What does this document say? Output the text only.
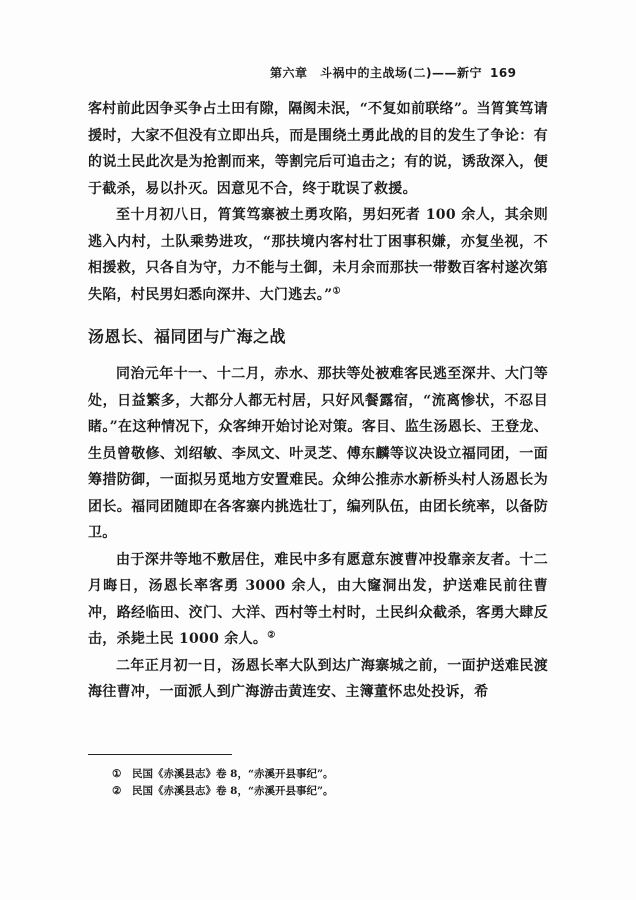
第六章　斗祸中的主战场(二)——新宁 169

客村前此因争买争占土田有隙，隔阂未泯，“不复如前联络”。当筲箕笃请援时，大家不但没有立即出兵，而是围绕土勇此战的目的发生了争论：有的说土民此次是为抢割而来，等割完后可追击之；有的说，诱敌深入，便于截杀，易以扑灭。因意见不合，终于耽误了救援。

至十月初八日，筲箕笃寨被土勇攻陷，男妇死者 100 余人，其余则逃入内村，土队乘势进攻，“那扶境内客村壮丁困事积嫌，亦复坐视，不相援救，只各自为守，力不能与土御，未月余而那扶一带数百客村遂次第失陷，村民男妇悉向深井、大门逃去。”①

汤恩长、福同团与广海之战

同治元年十一、十二月，赤水、那扶等处被难客民逃至深井、大门等处，日益繁多，大都分人都无村居，只好风餐露宿，“流离惨状，不忍目睹。”在这种情况下，众客绅开始讨论对策。客目、监生汤恩长、王登龙、生员曾敬修、刘绍敏、李凤文、叶灵芝、傅东麟等议决设立福同团，一面筹措防御，一面拟另觅地方安置难民。众绅公推赤水新桥头村人汤恩长为团长。福同团随即在各客寨内挑选壮丁，编列队伍，由团长统率，以备防卫。

由于深井等地不敷居住，难民中多有愿意东渡曹冲投靠亲友者。十二月晦日，汤恩长率客勇 3000 余人，由大窿洞出发，护送难民前往曹冲，路经临田、洨门、大洋、西村等土村时，土民纠众截杀，客勇大肆反击，杀毙土民 1000 余人。②

二年正月初一日，汤恩长率大队到达广海寨城之前，一面护送难民渡海往曹冲，一面派人到广海游击黄连安、主簿董怀忠处投诉，希

① 民国《赤溪县志》卷 8，“赤溪开县事纪”。
② 民国《赤溪县志》卷 8，“赤溪开县事纪”。
